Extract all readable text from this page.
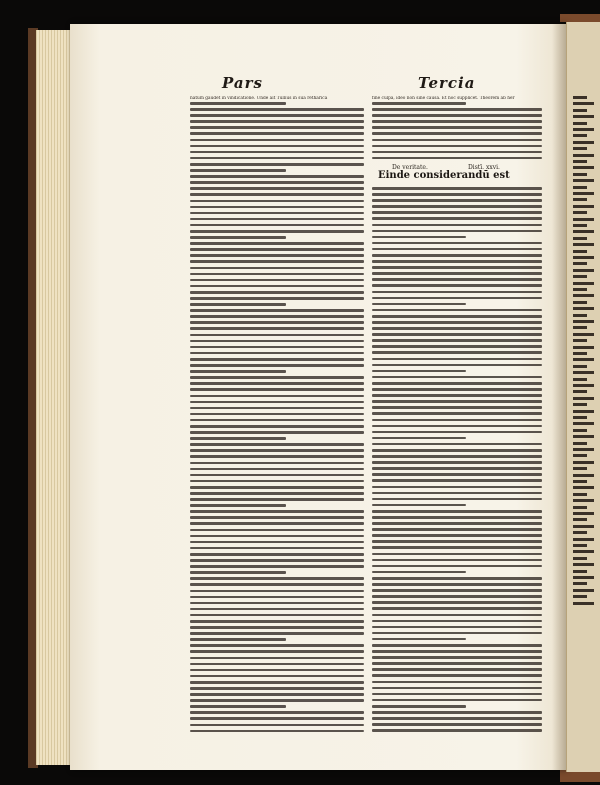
Pars	Tercia
natum gaudet in vindicatione. Unde ait Tullius in sua retharica	fine culpa, ideo non sine causa. Et hoc supplicet. Theorem ab her
De veritate.	Distī. xxvi.
Einde considerandū est
